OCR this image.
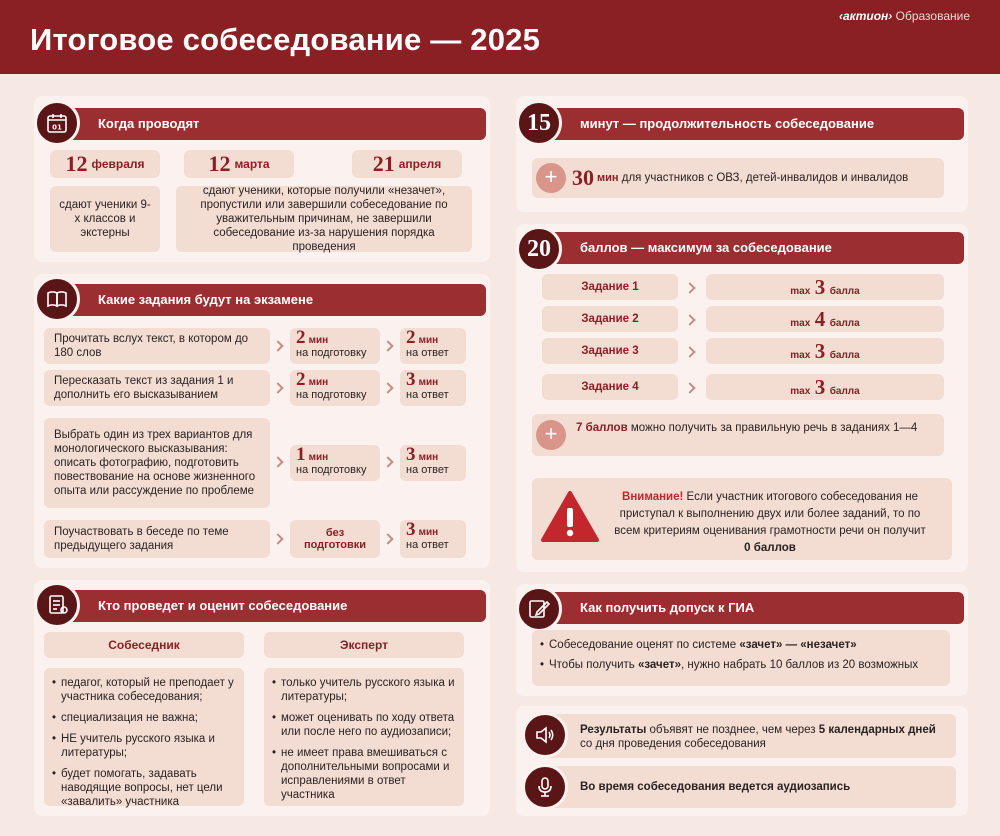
Итоговое собеседование — 2025
‹актион› Образование
Когда проводят
01
12 февраля	12 марта	21 апреля
сдают ученики 9-х классов и экстерны
сдают ученики, которые получили «незачет», пропустили или завершили собеседование по уважительным причинам, не завершили собеседование из-за нарушения порядка проведения
Какие задания будут на экзамене
Прочитать вслух текст, в котором до 180 слов
2 мин
на подготовку
2 мин
на ответ
Пересказать текст из задания 1 и дополнить его высказыванием
2 мин
на подготовку
3 мин
на ответ
Выбрать один из трех вариантов для монологического высказывания: описать фотографию, подготовить повествование на основе жизненного опыта или рассуждение по проблеме
1 мин
на подготовку
3 мин
на ответ
Поучаствовать в беседе по теме предыдущего задания
без подготовки
3 мин
на ответ
Кто проведет и оценит собеседование
Собеседник	Эксперт
• педагог, который не преподает у участника собеседования;
• специализация не важна;
• НЕ учитель русского языка и литературы;
• будет помогать, задавать наводящие вопросы, нет цели «завалить» участника
• только учитель русского языка и литературы;
• может оценивать по ходу ответа или после него по аудиозаписи;
• не имеет права вмешиваться с дополнительными вопросами и исправлениями в ответ участника
минут — продолжительность собеседование
15
30 мин для участников с ОВЗ, детей-инвалидов и инвалидов
+
баллов — максимум за собеседование
20
Задание 1	max 3 балла
Задание 2	max 4 балла
Задание 3	max 3 балла
Задание 4	max 3 балла
7 баллов можно получить за правильную речь в заданиях 1—4
+
Внимание! Если участник итогового собеседования не приступал к выполнению двух или более заданий, то по всем критериям оценивания грамотности речи он получит 0 баллов
Как получить допуск к ГИА
• Собеседование оценят по системе «зачет» — «незачет»
• Чтобы получить «зачет», нужно набрать 10 баллов из 20 возможных
Результаты объявят не позднее, чем через 5 календарных дней со дня проведения собеседования
Во время собеседования ведется аудиозапись
